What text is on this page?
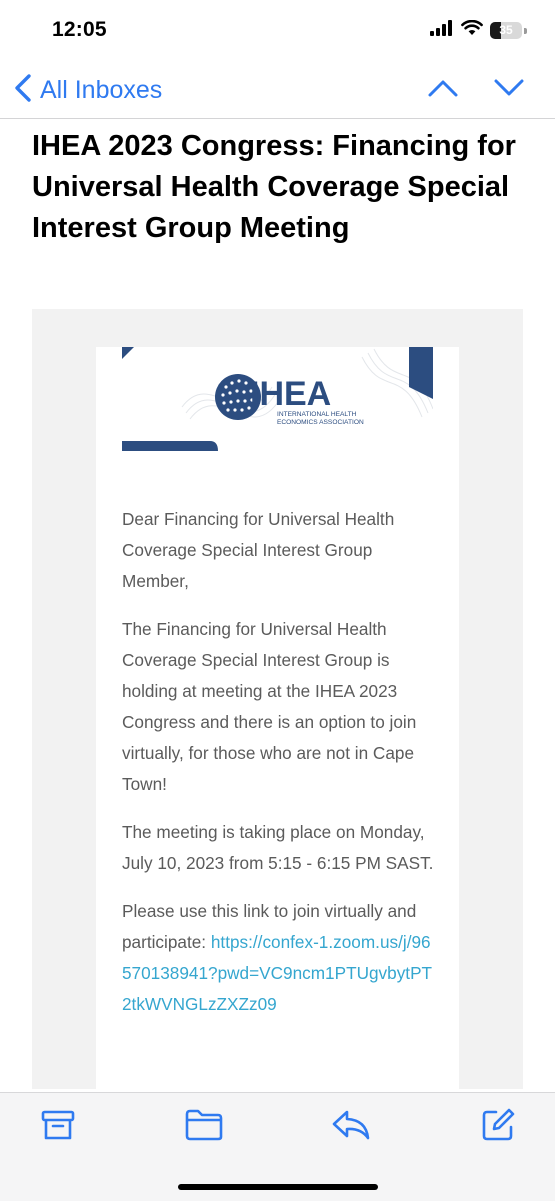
12:05	35
All Inboxes
IHEA 2023 Congress: Financing for Universal Health Coverage Special Interest Group Meeting
IHEA
INTERNATIONAL HEALTH
ECONOMICS ASSOCIATION

Dear Financing for Universal Health Coverage Special Interest Group Member,

The Financing for Universal Health Coverage Special Interest Group is holding at meeting at the IHEA 2023 Congress and there is an option to join virtually, for those who are not in Cape Town!

The meeting is taking place on Monday, July 10, 2023 from 5:15 - 6:15 PM SAST.

Please use this link to join virtually and participate: https://confex-1.zoom.us/j/96570138941?pwd=VC9ncm1PTUgvbytPT2tkWVNGLzZXZz09
